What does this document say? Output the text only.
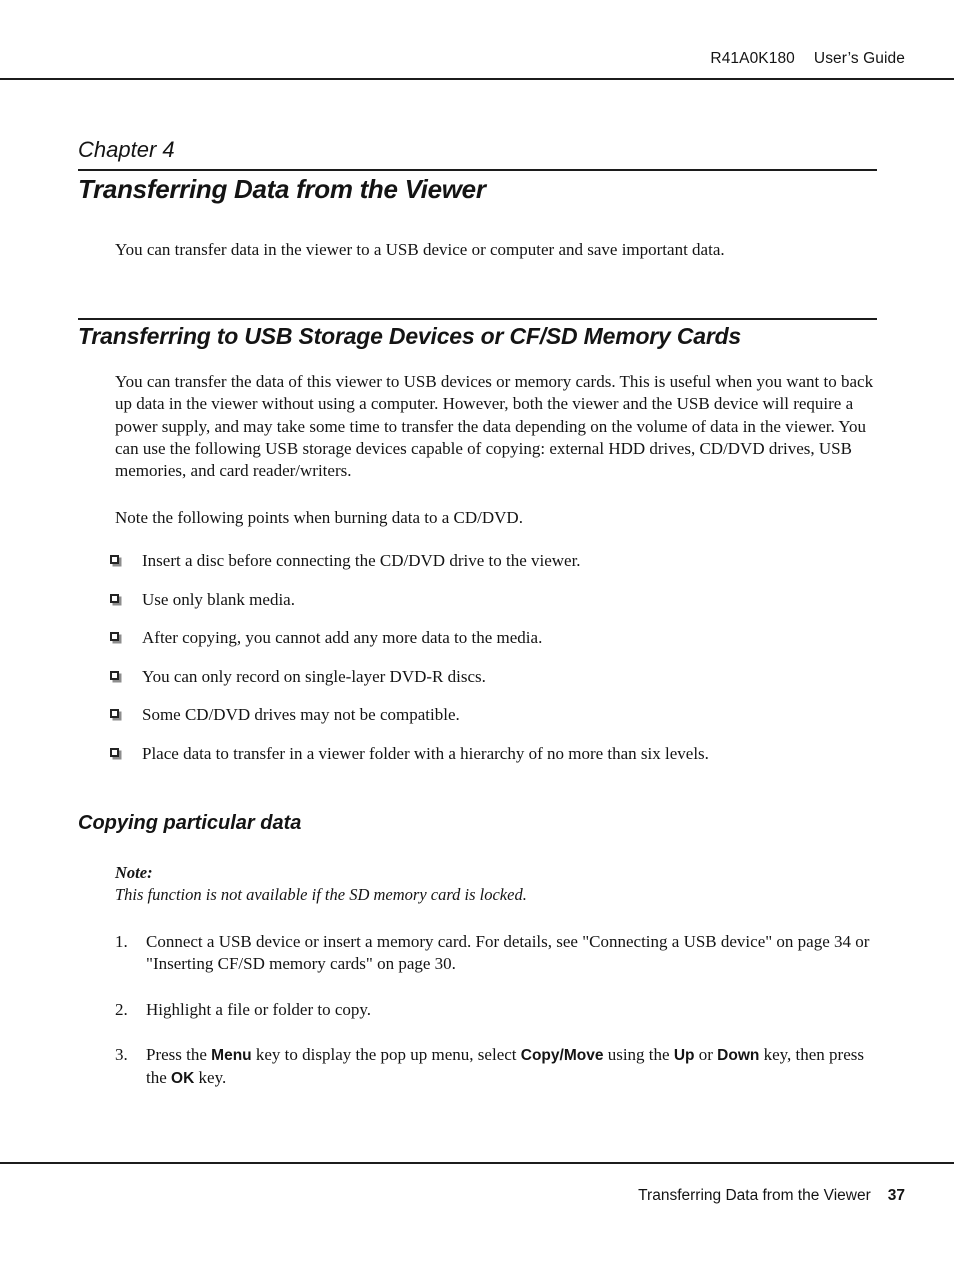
R41A0K180 User’s Guide
Chapter 4
Transferring Data from the Viewer

You can transfer data in the viewer to a USB device or computer and save important data.

Transferring to USB Storage Devices or CF/SD Memory Cards

You can transfer the data of this viewer to USB devices or memory cards. This is useful when you want to back up data in the viewer without using a computer. However, both the viewer and the USB device will require a power supply, and may take some time to transfer the data depending on the volume of data in the viewer. You can use the following USB storage devices capable of copying: external HDD drives, CD/DVD drives, USB memories, and card reader/writers.

Note the following points when burning data to a CD/DVD.

Insert a disc before connecting the CD/DVD drive to the viewer.
Use only blank media.
After copying, you cannot add any more data to the media.
You can only record on single-layer DVD-R discs.
Some CD/DVD drives may not be compatible.
Place data to transfer in a viewer folder with a hierarchy of no more than six levels.
Copying particular data
Note:
This function is not available if the SD memory card is locked.
1.	Connect a USB device or insert a memory card. For details, see "Connecting a USB device" on page 34 or "Inserting CF/SD memory cards" on page 30.
2.	Highlight a file or folder to copy.
3.	Press the Menu key to display the pop up menu, select Copy/Move using the Up or Down key, then press the OK key.
Transferring Data from the Viewer 37
